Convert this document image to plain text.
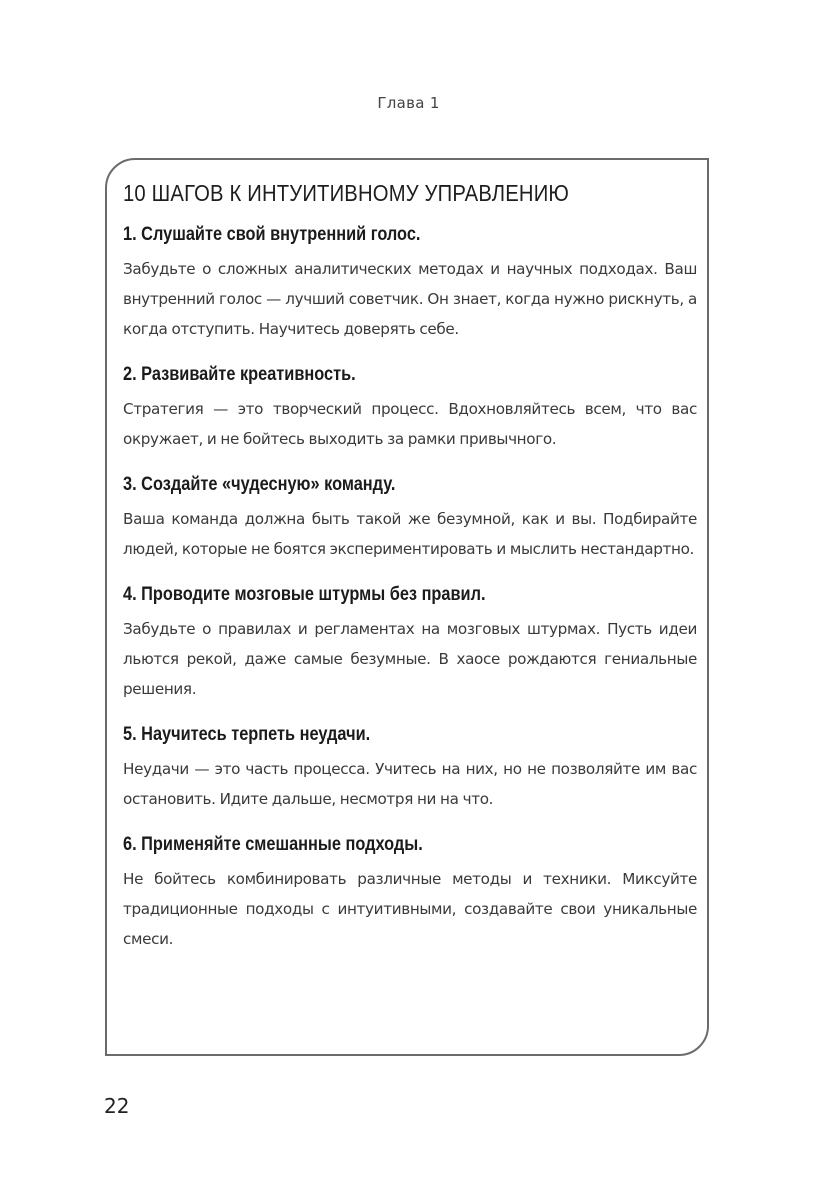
Глава 1
10 ШАГОВ К ИНТУИТИВНОМУ УПРАВЛЕНИЮ
1. Слушайте свой внутренний голос.

Забудьте о сложных аналитических методах и научных подходах. Ваш внутренний голос — лучший советчик. Он знает, когда нужно рискнуть, а когда отступить. Научитесь доверять себе.

2. Развивайте креативность.

Стратегия — это творческий процесс. Вдохновляйтесь всем, что вас окружает, и не бойтесь выходить за рамки привычного.

3. Создайте «чудесную» команду.

Ваша команда должна быть такой же безумной, как и вы. Подбирайте людей, которые не боятся экспериментировать и мыслить нестандартно.

4. Проводите мозговые штурмы без правил.

Забудьте о правилах и регламентах на мозговых штурмах. Пусть идеи льются рекой, даже самые безумные. В хаосе рождаются гениальные решения.

5. Научитесь терпеть неудачи.

Неудачи — это часть процесса. Учитесь на них, но не позволяйте им вас остановить. Идите дальше, несмотря ни на что.

6. Применяйте смешанные подходы.

Не бойтесь комбинировать различные методы и техники. Миксуйте традиционные подходы с интуитивными, создавайте свои уникальные смеси.

22
